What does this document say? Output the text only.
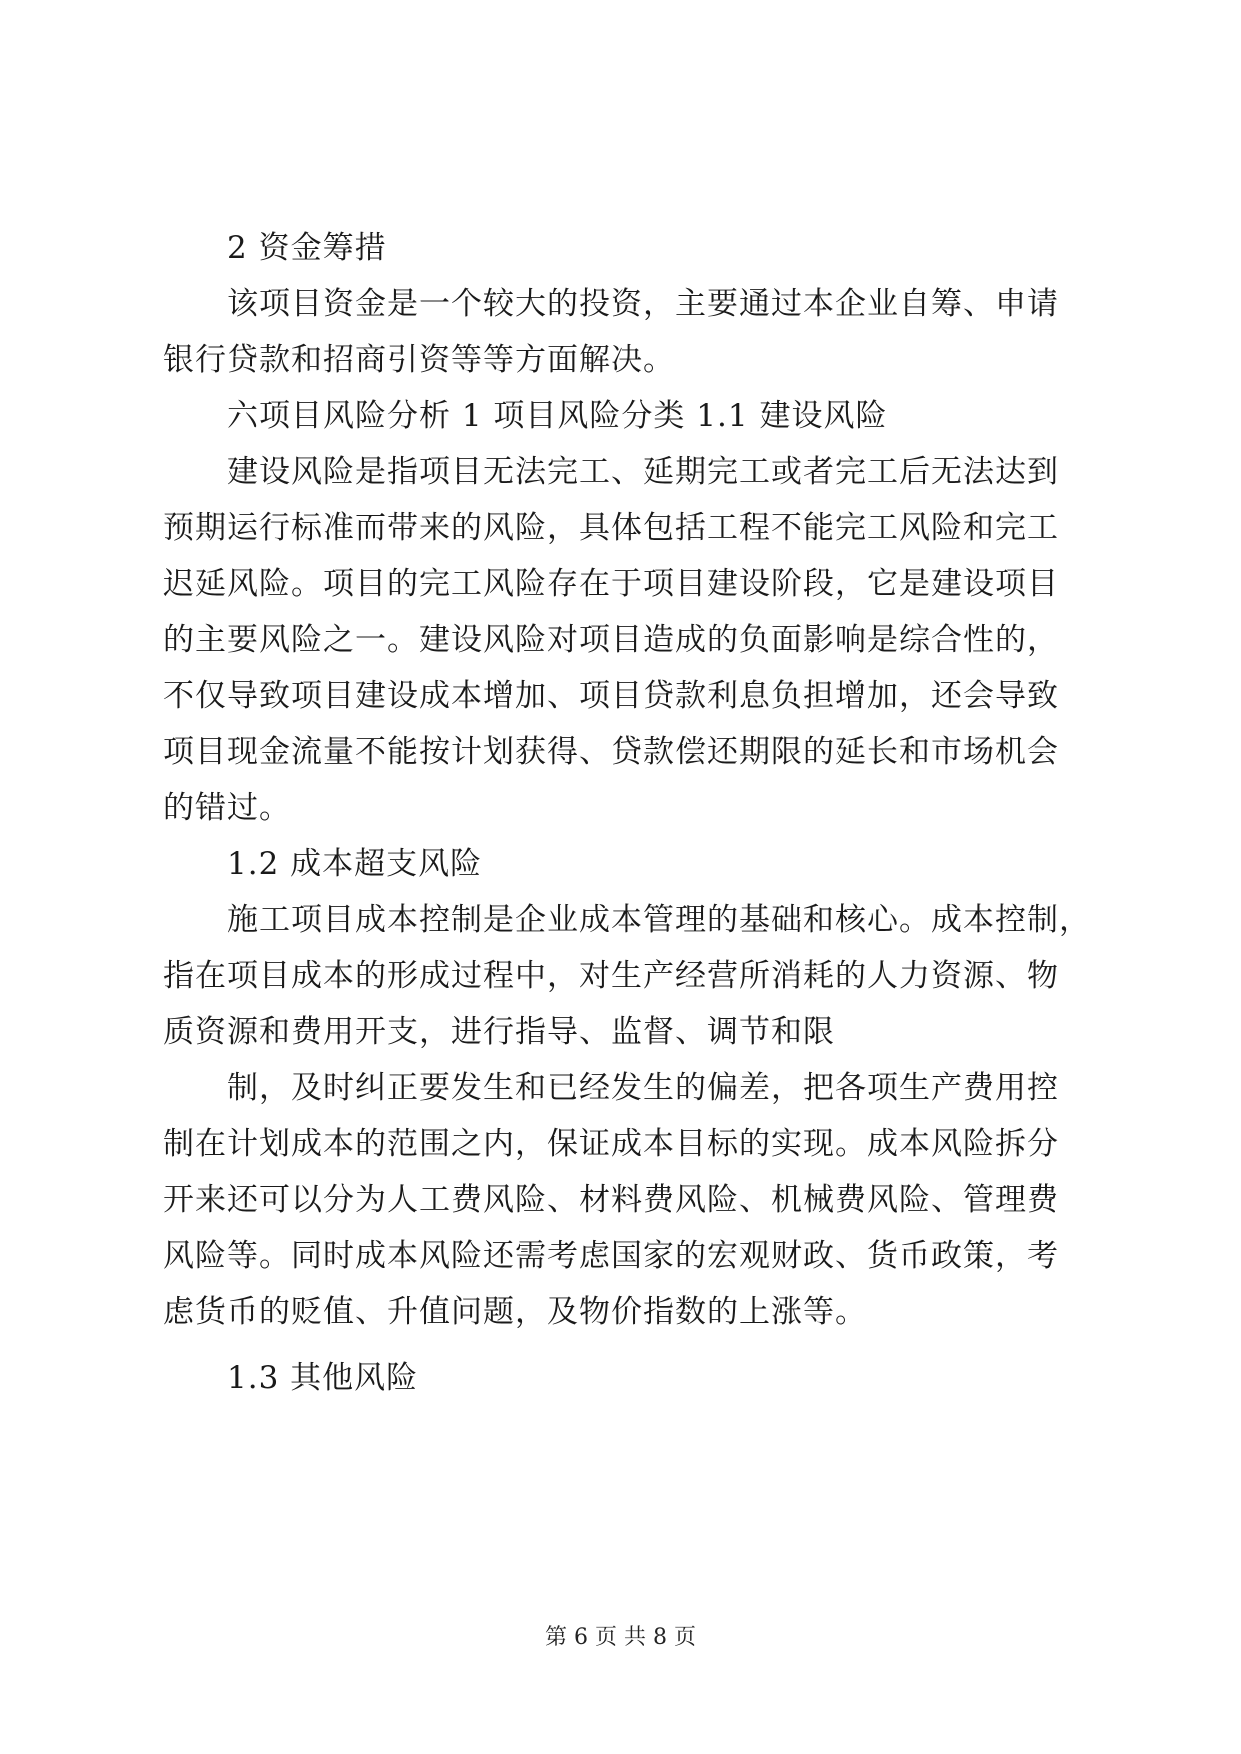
2 资金筹措
该项目资金是一个较大的投资，主要通过本企业自筹、申请
银行贷款和招商引资等等方面解决。
六项目风险分析 1 项目风险分类 1.1 建设风险
建设风险是指项目无法完工、延期完工或者完工后无法达到
预期运行标准而带来的风险，具体包括工程不能完工风险和完工
迟延风险。项目的完工风险存在于项目建设阶段，它是建设项目
的主要风险之一。建设风险对项目造成的负面影响是综合性的，
不仅导致项目建设成本增加、项目贷款利息负担增加，还会导致
项目现金流量不能按计划获得、贷款偿还期限的延长和市场机会
的错过。
1.2 成本超支风险
施工项目成本控制是企业成本管理的基础和核心。成本控制，
指在项目成本的形成过程中，对生产经营所消耗的人力资源、物
质资源和费用开支，进行指导、监督、调节和限
制，及时纠正要发生和已经发生的偏差，把各项生产费用控
制在计划成本的范围之内，保证成本目标的实现。成本风险拆分
开来还可以分为人工费风险、材料费风险、机械费风险、管理费
风险等。同时成本风险还需考虑国家的宏观财政、货币政策，考
虑货币的贬值、升值问题，及物价指数的上涨等。
1.3 其他风险
第 6 页 共 8 页
